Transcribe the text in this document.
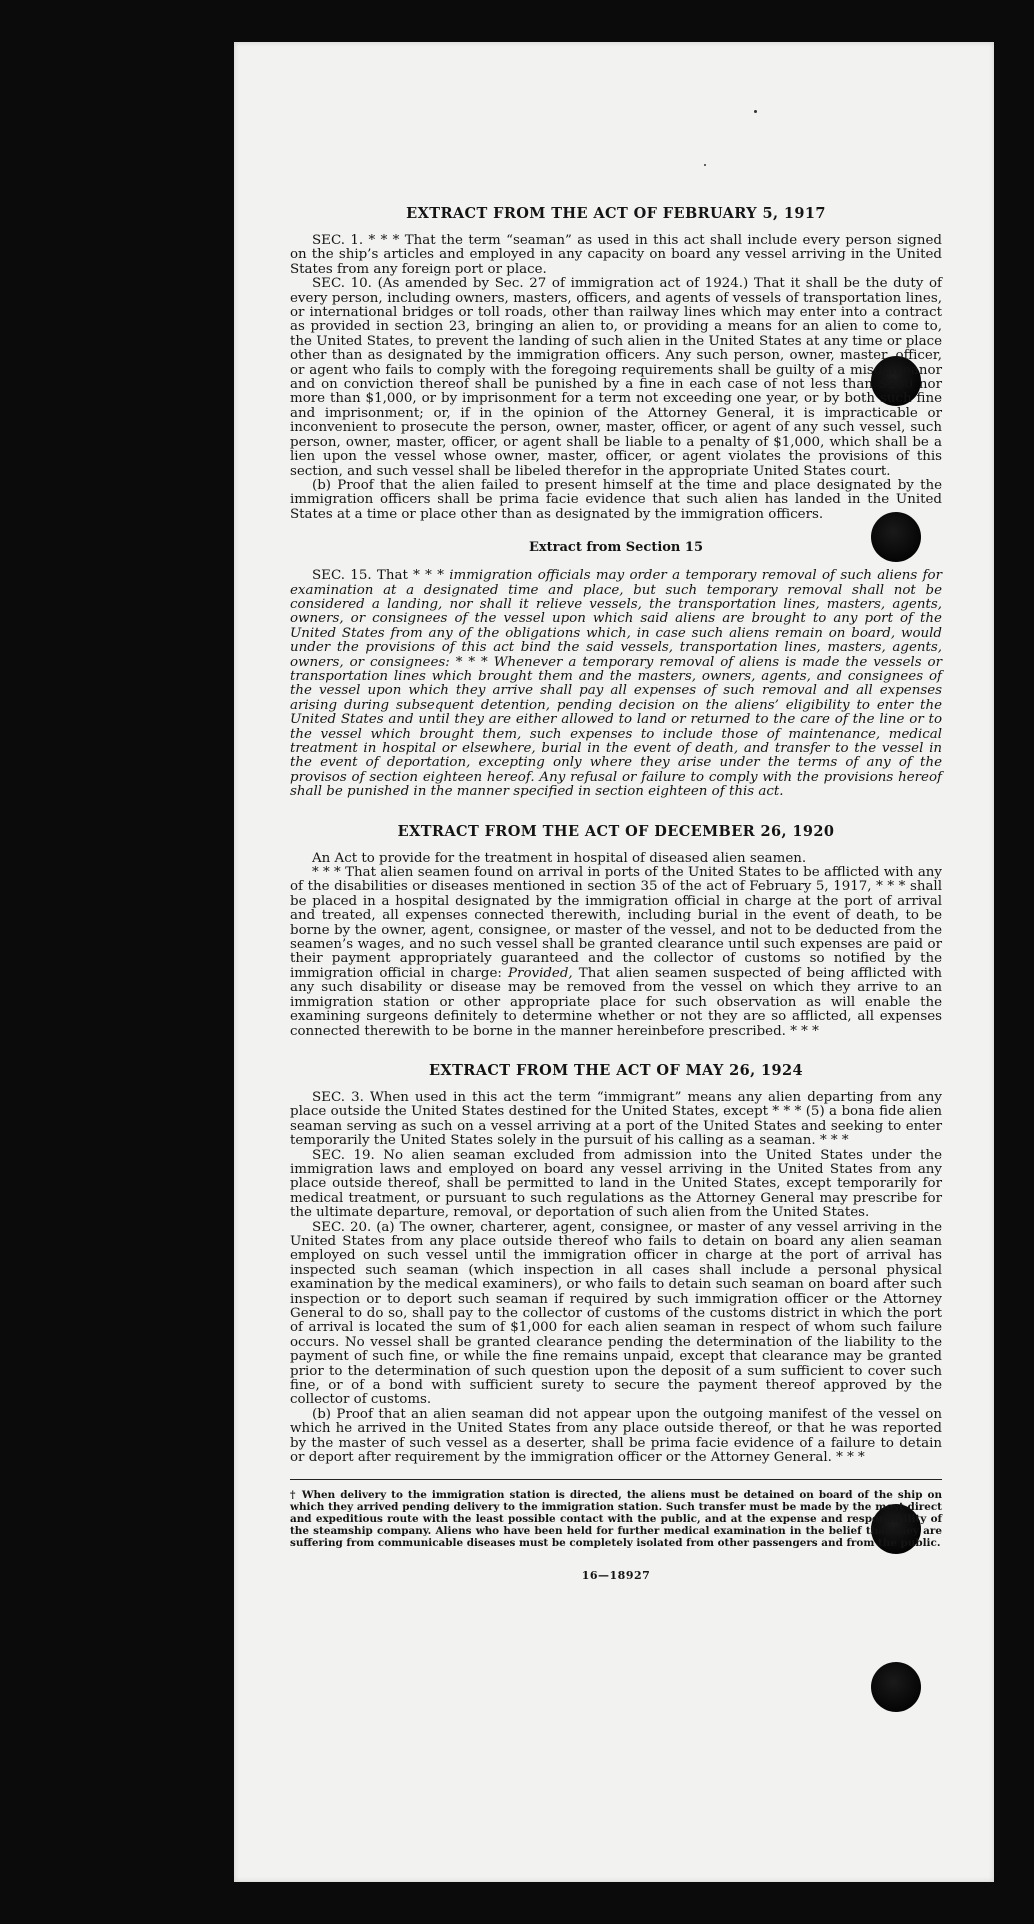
EXTRACT FROM THE ACT OF FEBRUARY 5, 1917

SEC. 1. * * * That the term “seaman” as used in this act shall include every person signed on the ship’s articles and employed in any capacity on board any vessel arriving in the United States from any foreign port or place.

SEC. 10. (As amended by Sec. 27 of immigration act of 1924.) That it shall be the duty of every person, including owners, masters, officers, and agents of vessels of transportation lines, or international bridges or toll roads, other than railway lines which may enter into a contract as provided in section 23, bringing an alien to, or providing a means for an alien to come to, the United States, to prevent the landing of such alien in the United States at any time or place other than as designated by the immigration officers. Any such person, owner, master, officer, or agent who fails to comply with the foregoing requirements shall be guilty of a misdemeanor and on conviction thereof shall be punished by a fine in each case of not less than $200 nor more than $1,000, or by imprisonment for a term not exceeding one year, or by both such fine and imprisonment; or, if in the opinion of the Attorney General, it is impracticable or inconvenient to prosecute the person, owner, master, officer, or agent of any such vessel, such person, owner, master, officer, or agent shall be liable to a penalty of $1,000, which shall be a lien upon the vessel whose owner, master, officer, or agent violates the provisions of this section, and such vessel shall be libeled therefor in the appropriate United States court.

(b) Proof that the alien failed to present himself at the time and place designated by the immigration officers shall be prima facie evidence that such alien has landed in the United States at a time or place other than as designated by the immigration officers.

Extract from Section 15

SEC. 15. That * * * immigration officials may order a temporary removal of such aliens for examination at a designated time and place, but such temporary removal shall not be considered a landing, nor shall it relieve vessels, the transportation lines, masters, agents, owners, or consignees of the vessel upon which said aliens are brought to any port of the United States from any of the obligations which, in case such aliens remain on board, would under the provisions of this act bind the said vessels, transportation lines, masters, agents, owners, or consignees: * * * Whenever a temporary removal of aliens is made the vessels or transportation lines which brought them and the masters, owners, agents, and consignees of the vessel upon which they arrive shall pay all expenses of such removal and all expenses arising during subsequent detention, pending decision on the aliens’ eligibility to enter the United States and until they are either allowed to land or returned to the care of the line or to the vessel which brought them, such expenses to include those of maintenance, medical treatment in hospital or elsewhere, burial in the event of death, and transfer to the vessel in the event of deportation, excepting only where they arise under the terms of any of the provisos of section eighteen hereof. Any refusal or failure to comply with the provisions hereof shall be punished in the manner specified in section eighteen of this act.

EXTRACT FROM THE ACT OF DECEMBER 26, 1920

An Act to provide for the treatment in hospital of diseased alien seamen.

* * * That alien seamen found on arrival in ports of the United States to be afflicted with any of the disabilities or diseases mentioned in section 35 of the act of February 5, 1917, * * * shall be placed in a hospital designated by the immigration official in charge at the port of arrival and treated, all expenses connected therewith, including burial in the event of death, to be borne by the owner, agent, consignee, or master of the vessel, and not to be deducted from the seamen’s wages, and no such vessel shall be granted clearance until such expenses are paid or their payment appropriately guaranteed and the collector of customs so notified by the immigration official in charge: Provided, That alien seamen suspected of being afflicted with any such disability or disease may be removed from the vessel on which they arrive to an immigration station or other appropriate place for such observation as will enable the examining surgeons definitely to determine whether or not they are so afflicted, all expenses connected therewith to be borne in the manner hereinbefore prescribed. * * *

EXTRACT FROM THE ACT OF MAY 26, 1924

SEC. 3. When used in this act the term “immigrant” means any alien departing from any place outside the United States destined for the United States, except * * * (5) a bona fide alien seaman serving as such on a vessel arriving at a port of the United States and seeking to enter temporarily the United States solely in the pursuit of his calling as a seaman. * * *

SEC. 19. No alien seaman excluded from admission into the United States under the immigration laws and employed on board any vessel arriving in the United States from any place outside thereof, shall be permitted to land in the United States, except temporarily for medical treatment, or pursuant to such regulations as the Attorney General may prescribe for the ultimate departure, removal, or deportation of such alien from the United States.

SEC. 20. (a) The owner, charterer, agent, consignee, or master of any vessel arriving in the United States from any place outside thereof who fails to detain on board any alien seaman employed on such vessel until the immigration officer in charge at the port of arrival has inspected such seaman (which inspection in all cases shall include a personal physical examination by the medical examiners), or who fails to detain such seaman on board after such inspection or to deport such seaman if required by such immigration officer or the Attorney General to do so, shall pay to the collector of customs of the customs district in which the port of arrival is located the sum of $1,000 for each alien seaman in respect of whom such failure occurs. No vessel shall be granted clearance pending the determination of the liability to the payment of such fine, or while the fine remains unpaid, except that clearance may be granted prior to the determination of such question upon the deposit of a sum sufficient to cover such fine, or of a bond with sufficient surety to secure the payment thereof approved by the collector of customs.

(b) Proof that an alien seaman did not appear upon the outgoing manifest of the vessel on which he arrived in the United States from any place outside thereof, or that he was reported by the master of such vessel as a deserter, shall be prima facie evidence of a failure to detain or deport after requirement by the immigration officer or the Attorney General. * * *

† When delivery to the immigration station is directed, the aliens must be detained on board of the ship on which they arrived pending delivery to the immigration station. Such transfer must be made by the most direct and expeditious route with the least possible contact with the public, and at the expense and responsibility of the steamship company. Aliens who have been held for further medical examination in the belief that they are suffering from communicable diseases must be completely isolated from other passengers and from the public.

16—18927
